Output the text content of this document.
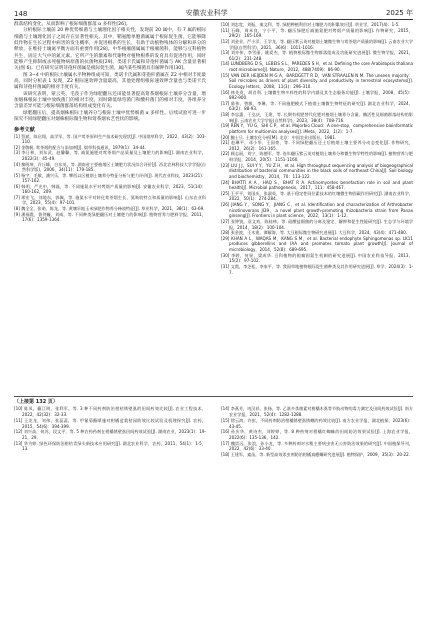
148	安徽农业科学	2025 年

群落结构变化，从而影响了根际细菌群落 α 多样性[26]。

分析根际土壤前 20 种优势细菌与土壤理化因子相关性，发现前 20 属中，有 7 属的根际细菌与土壤理化因子之间存在显著性相关。其中，鞘氨醇单胞菌属属于根际促生菌，它能够降低作物在生长过程中病害的发生概率，并促进根系的生长，有助于动植物残体的分解和养分的释放，在维持土壤氮平衡方面有重要作用[28]。中华根瘤菌属属于根瘤菌科，能够与豆科植物共生，固定大气中的氮元素。它所产生的激素和代谢物对植物根系的发育具有促进作用，同时能够产生抑制或杀死植物病原菌的抗菌物质[29]。类诺卡氏属和芽孢杆菌属与 AK 含量显著相关(图 6)。已有研究证明芽孢杆菌属是根际促生菌，属内某些细菌具有解钾作用[30]。

图 3~4 中的根际土壤属水平物种组成可知，类诺卡氏属和芽孢杆菌属在 Z2 中相对丰度最高，同时分析表 1 发现，Z2 根际速效钾含量最高，其他处理组根际速效钾含量也与类诺卡氏属和芽孢杆菌属的相对丰度有关。

该研究表明，蒙云英、毛茛子作为绿肥翻压还田能显著提高莺茶烟根际土壤养分含量，增加烟株根际土壤中放线菌门的相对丰度，同时降低绿弯菌门和酸杆菌门的相对丰度。各组养分含量差异可能与根际细菌群落结构组成变化有关。

绿肥翻压后，提高烟株根际土壤养分与根际土壤中优势细菌 α 多样性。后续试验可进一步探究不同绿肥翻压对烟株根际微生物和莺茶烟农艺性状的影响。

参考文献

[1] 蔡斌，陈启翔，高学军，等. 国产莺茶原料生产技术研究现状[J]. 中国烟草科学，2022，43(2)：103-110.

[2] 金敬帆. 莺茶烟的配方与添加剂[J]. 烟草科技通讯，1979(1)：34-44.

[3] 李日林，刘东武，赵馨馨，等. 减氮施肥对莺茶烟产品质量及土壤肥力的影响[J]. 湖南农业科学，2022(3)：45-49.

[4] 黎明坤，许丘峰，白东英，等. 湖南省主要植烟区土壤肥力状况综合评价[J]. 西北农林科技大学学报(自然科学版)，2006，34(11)：179-185.

[5] 杨宇，毛敏，潘兴乐，等. 攀西以区植烟土壤养分特征分析与肥力评价[J]. 现代农业科技，2023(21)：157-162.

[6] 韩明，严光中，韩磊，等. 不同施氮水平对烤烟产质量的影响[J]. 安徽农业科学，2023，51(14)：160-162，209.

[7] 邢宏飞，刘地东，郭佩，等. 施氮水平对转化莺茶烟生长、氮吸收特点和质量的影响[J]. 山东农业科学，2023，55(4)：97-101.

[8] 魏全全，张萌，陈龙，等. 黄壤旱地玉米绿肥作物养分释放特征[J]. 草业科学，2021，38(1)：63-69.

[9] 潘福霞，鲁剑巍，刘威，等. 不同种类绿肥翻压对土壤肥力的影响[J]. 植物营养与肥料学报，2011，17(6)：1359-1364.

[10] 刘忠宽，刘振，秦文利，等. 绿肥种植利用对土壤肥力的积累效应[J]. 草业学，2017(4)：1-5.

[11] 石峰，周米良，宁小平，等. 翻压绿肥后减施氮肥对烤烟产质量的影响[J]. 作物研究，2015，29(2)：165-169.

[12] 刘金业，严小洋，王学龙，等. 翻压紫云英对植烟土壤微生物与莺茶烟产质量的影响[J]. 云南农业大学学报(自然科学)，2021，36(6)：1011-1016.

[13] 刘亦伟，李雪丽，姚爱杰，等. 植物根际微生物群落组成及功能研究进展[J]. 微生物学报，2021，61(2)：231-248.

[14] LUNDBERG D S，LEBEIS S L，PAREDES S H，et al. Defining the core Arabidopsis thaliana root microbiome[J]. Nature，2012，488(7409)：86-90.

[15] VAN DER HEIJDEN M G A，BARDGETT R D，VAN STRAALEN N M. The unseen majority：Soil microbes as drivers of plant diversity and productivity in terrestrial ecosystems[J]. Ecology letters，2008，11(3)：296-310.

[16] 林先贵，胡君利. 土壤微生物多样性的科学内涵及其生态服务功能[J]. 土壤学报，2008，45(5)：892-900.

[17] 陈伟，曾敏，李琳，等. 不同施肥模式下植烟土壤微生物特征的研究[J]. 湖北农业科学，2024，63(2)：88-93.

[18] 李忠惠，于弘庆，王建，等. 长期有机肥替代化肥对植烟土壤养分含量、酶活性及细菌群落结构的影响[J]. 云南农业大学学报(自然科学)，2023，38(4)：708-716.

[19] REN Y，YU G，SHI C P，et al. Majorbio Cloud：A one-stop，comprehensive bioinformatic platform for multiomics analyses[J]. iMeta，2022，1(2)：1-7.

[20] 鲍士旦. 土壤农化分析[M]. 北京：中国农业出版社，1981.

[21] 赵琳平，邓小华，王国豪，等. 不同绿肥翻压还土后植烟土壤主要养分动态变化[J]. 作物研究，2012，26(2)：161-165.

[22] 顾志丽，刘宁，陈德军，等. 连年翻压紫云英对植烟土壤养分和微生物学特性的影响[J]. 植物营养与肥料学报，2014，20(5)：1151-1160.

[23] LIU J J，SUI Y Y，YU Z H，et al. High throughput sequencing analysis of biogeographical distribution of bacterial communities in the black soils of northeast China[J]. Soil biology and biochemistry，2014，70：113-122.

[24] BHATTI A A，HAQ S，BHAT R A. Actinomycetes benefaction role in soil and plant health[J]. Microbial pathogenesis，2017，111：458-467.

[25] 王平平，刘国庆，张淑英，等. 基于稳定性同位素技术的红壤微生物固碳作用研究[J]. 湖南农业科学，2022，50(1)：274-284.

[26] JIANG Y，SONG Y，JIANG C，et al. Identification and characterization of Arthrobacter nicotinovorans JI39，a novel plant growth-promoting rhizobacteria strain from Panax ginseng[J]. Frontiers in plant science，2022，13(1)：1-12.

[27] 张钟锐，袁文劝，陈桂林，等. 硅酸盐细菌的分离及鉴定、解钾和促生性能研究[J]. 生态学与环境学报，2014，18(2)：100-104.

[28] 张金波，王木建，谭耀海，等. 大豆根际微生物研究进展[J]. 大豆科学，2024，43(4)：471-480.

[29] KHAN A L，WAQAS M，KANG S M，et al. Bacterial endophyte Sphingomonas sp. LK11 produces gibberellins and IAA and promotes tomato plant growth[J]. Journal of microbiology，2014，52(8)：689-695.

[30] 李婷，何果，梁成华. 豆科植物的根瘤固氮生机制的研究进展[J]. 中国农业科技导报，2013，15(2)：97-102.

[31] 文霞，李芝松，李家平，等. 我国草地植物根际促生菌种类及其作用研究进展[J]. 草学，2024(3)：1-7.

（上接第 132 页）

[10] 陈凤，戴江明，张利军，等. 3 种不同药剂防治柑桔锈壁虱的田间药效比较[J]. 农业工程技术，2022，42(32)：32-33.

[11] 王龙龙，刘伟，张蕊蕊，等. 甲氰菊酯喷施对柑橘盆栽桔园防效比较试验及机理探究[J]. 农药，2015，54(6)：394-399.

[12] 刘兴高，何苏，段文平，等. 5 种农药药剂在柑橘锈壁虱田间药效试验[J]. 湖南农业，2023(1)：19-21，29.

[13] 华为婷. 绿色环保防治柑桔青绿头新技术应用研究[J]. 湖北农业科学，农药，2011，54(1)：1-5，13.

[14] 李燕芳，冉汉祥，张扬，等. 乙基多杀菌素对柑橘木虱等节肢动物的毒力测定及田间药效试验[J]. 南方农业学报，2021，52(4)：1282-1288.

[15] 徐云鸿，许彭，不同药剂防治柑橘锈壁虱锈蛾的药效比较[J]. 南方农业学报，湖北植保，2023(6)：43-45.

[16] 孙庆华，黄诗杰，刘婷婷，等. 8 种药剂对柑橘红蜘蛛的田间防治效果试验[J]. 上海农业学报，2022(6)：135-136，142.

[17] 魏崇远，张浪，孙小龙，等. 多种药剂对水稻主要病虫害无公害防治效果的研究[J]. 中国植保导刊，2022，42(6)：33-40.

[18] 王建军，索苗，等. 新型高效杀虫剂防治柑橘真瘿螨研究进展[J]. 植物保护，2009，35(3)：20-22.
